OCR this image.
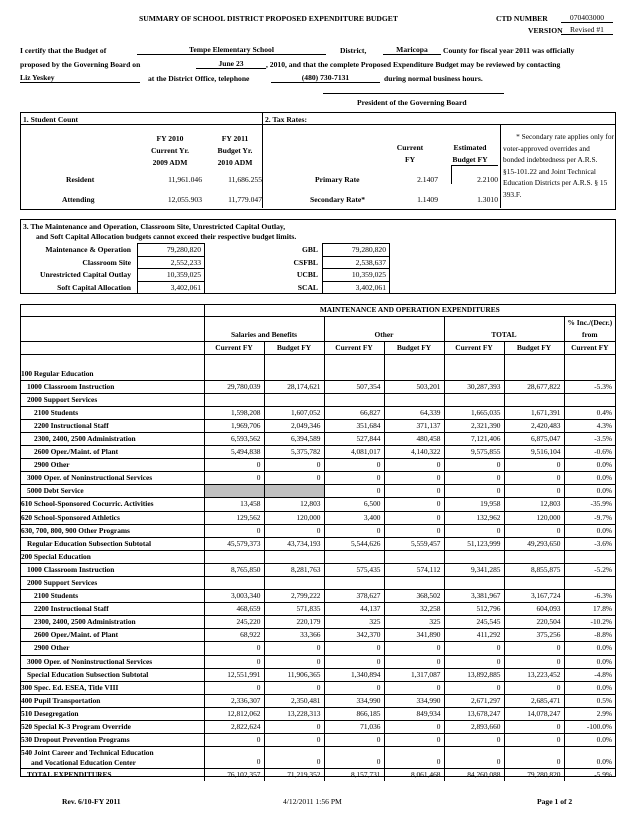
SUMMARY OF SCHOOL DISTRICT PROPOSED EXPENDITURE BUDGET	CTD NUMBER	070403000
VERSION Revised #1
I certify that the Budget of	Tempe Elementary School	District,	Maricopa	County for fiscal year 2011 was officially
proposed by the Governing Board on	June 23	, 2010, and that the complete Proposed Expenditure Budget may be reviewed by contacting
Liz Yeskey	at the District Office, telephone	(480) 730-7131	during normal business hours.
President of the Governing Board
1. Student Count	2. Tax Rates:
FY 2010
Current Yr.
2009 ADM
FY 2011
Budget Yr.
2010 ADM
Resident	11,961.046	11,686.255
Attending	12,055.903	11,779.047
Current
FY
Estimated
Budget FY
Primary Rate	2.1407	2.2100
Secondary Rate*	1.1409	1.3010
* Secondary rate applies only for
voter-approved overrides and
bonded indebtedness per A.R.S.
§15-101.22 and Joint Technical
Education Districts per A.R.S. § 15
393.F.
3. The Maintenance and Operation, Classroom Site, Unrestricted Capital Outlay,
and Soft Capital Allocation budgets cannot exceed their respective budget limits.
Maintenance & Operation	79,280,820	GBL	79,280,820
Classroom Site	2,552,233	CSFBL	2,538,637
Unrestricted Capital Outlay	10,359,025	UCBL	10,359,025
Soft Capital Allocation	3,402,061	SCAL	3,402,061
	MAINTENANCE AND OPERATION EXPENDITURES						
							% Inc./(Decr.)
	Salaries and Benefits		Other		TOTAL		from
	Current FY	Budget FY	Current FY	Budget FY	Current FY	Budget FY	Current FY

100 Regular Education							
1000 Classroom Instruction	29,780,039	28,174,621	507,354	503,201	30,287,393	28,677,822	-5.3%
2000 Support Services							
2100 Students	1,598,208	1,607,052	66,827	64,339	1,665,035	1,671,391	0.4%
2200 Instructional Staff	1,969,706	2,049,346	351,684	371,137	2,321,390	2,420,483	4.3%
2300, 2400, 2500 Administration	6,593,562	6,394,589	527,844	480,458	7,121,406	6,875,047	-3.5%
2600 Oper./Maint. of Plant	5,494,838	5,375,782	4,081,017	4,140,322	9,575,855	9,516,104	-0.6%
2900 Other	0	0	0	0	0	0	0.0%
3000 Oper. of Noninstructional Services	0	0	0	0	0	0	0.0%
5000 Debt Service			0	0	0	0	0.0%
610 School-Sponsored Cocurric. Activities	13,458	12,803	6,500	0	19,958	12,803	-35.9%
620 School-Sponsored Athletics	129,562	120,000	3,400	0	132,962	120,000	-9.7%
630, 700, 800, 900 Other Programs	0	0	0	0	0	0	0.0%
Regular Education Subsection Subtotal	45,579,373	43,734,193	5,544,626	5,559,457	51,123,999	49,293,650	-3.6%
200 Special Education							
1000 Classroom Instruction	8,765,850	8,281,763	575,435	574,112	9,341,285	8,855,875	-5.2%
2000 Support Services							
2100 Students	3,003,340	2,799,222	378,627	368,502	3,381,967	3,167,724	-6.3%
2200 Instructional Staff	468,659	571,835	44,137	32,258	512,796	604,093	17.8%
2300, 2400, 2500 Administration	245,220	220,179	325	325	245,545	220,504	-10.2%
2600 Oper./Maint. of Plant	68,922	33,366	342,370	341,890	411,292	375,256	-8.8%
2900 Other	0	0	0	0	0	0	0.0%
3000 Oper. of Noninstructional Services	0	0	0	0	0	0	0.0%
Special Education Subsection Subtotal	12,551,991	11,906,365	1,340,894	1,317,087	13,892,885	13,223,452	-4.8%
300 Spec. Ed. ESEA, Title VIII	0	0	0	0	0	0	0.0%
400 Pupil Transportation	2,336,307	2,350,481	334,990	334,990	2,671,297	2,685,471	0.5%
510 Desegregation	12,812,062	13,228,313	866,185	849,934	13,678,247	14,078,247	2.9%
520 Special K-3 Program Override	2,822,624	0	71,036	0	2,893,660	0	-100.0%
530 Dropout Prevention Programs	0	0	0	0	0	0	0.0%

540 Joint Career and Technical Education
and Vocational Education Center	0	0	0	0	0	0	0.0%
TOTAL EXPENDITURES	76,102,357	71,219,352	8,157,731	8,061,468	84,260,088	79,280,820	-5.9%
Rev. 6/10-FY 2011	4/12/2011 1:56 PM	Page 1 of 2
